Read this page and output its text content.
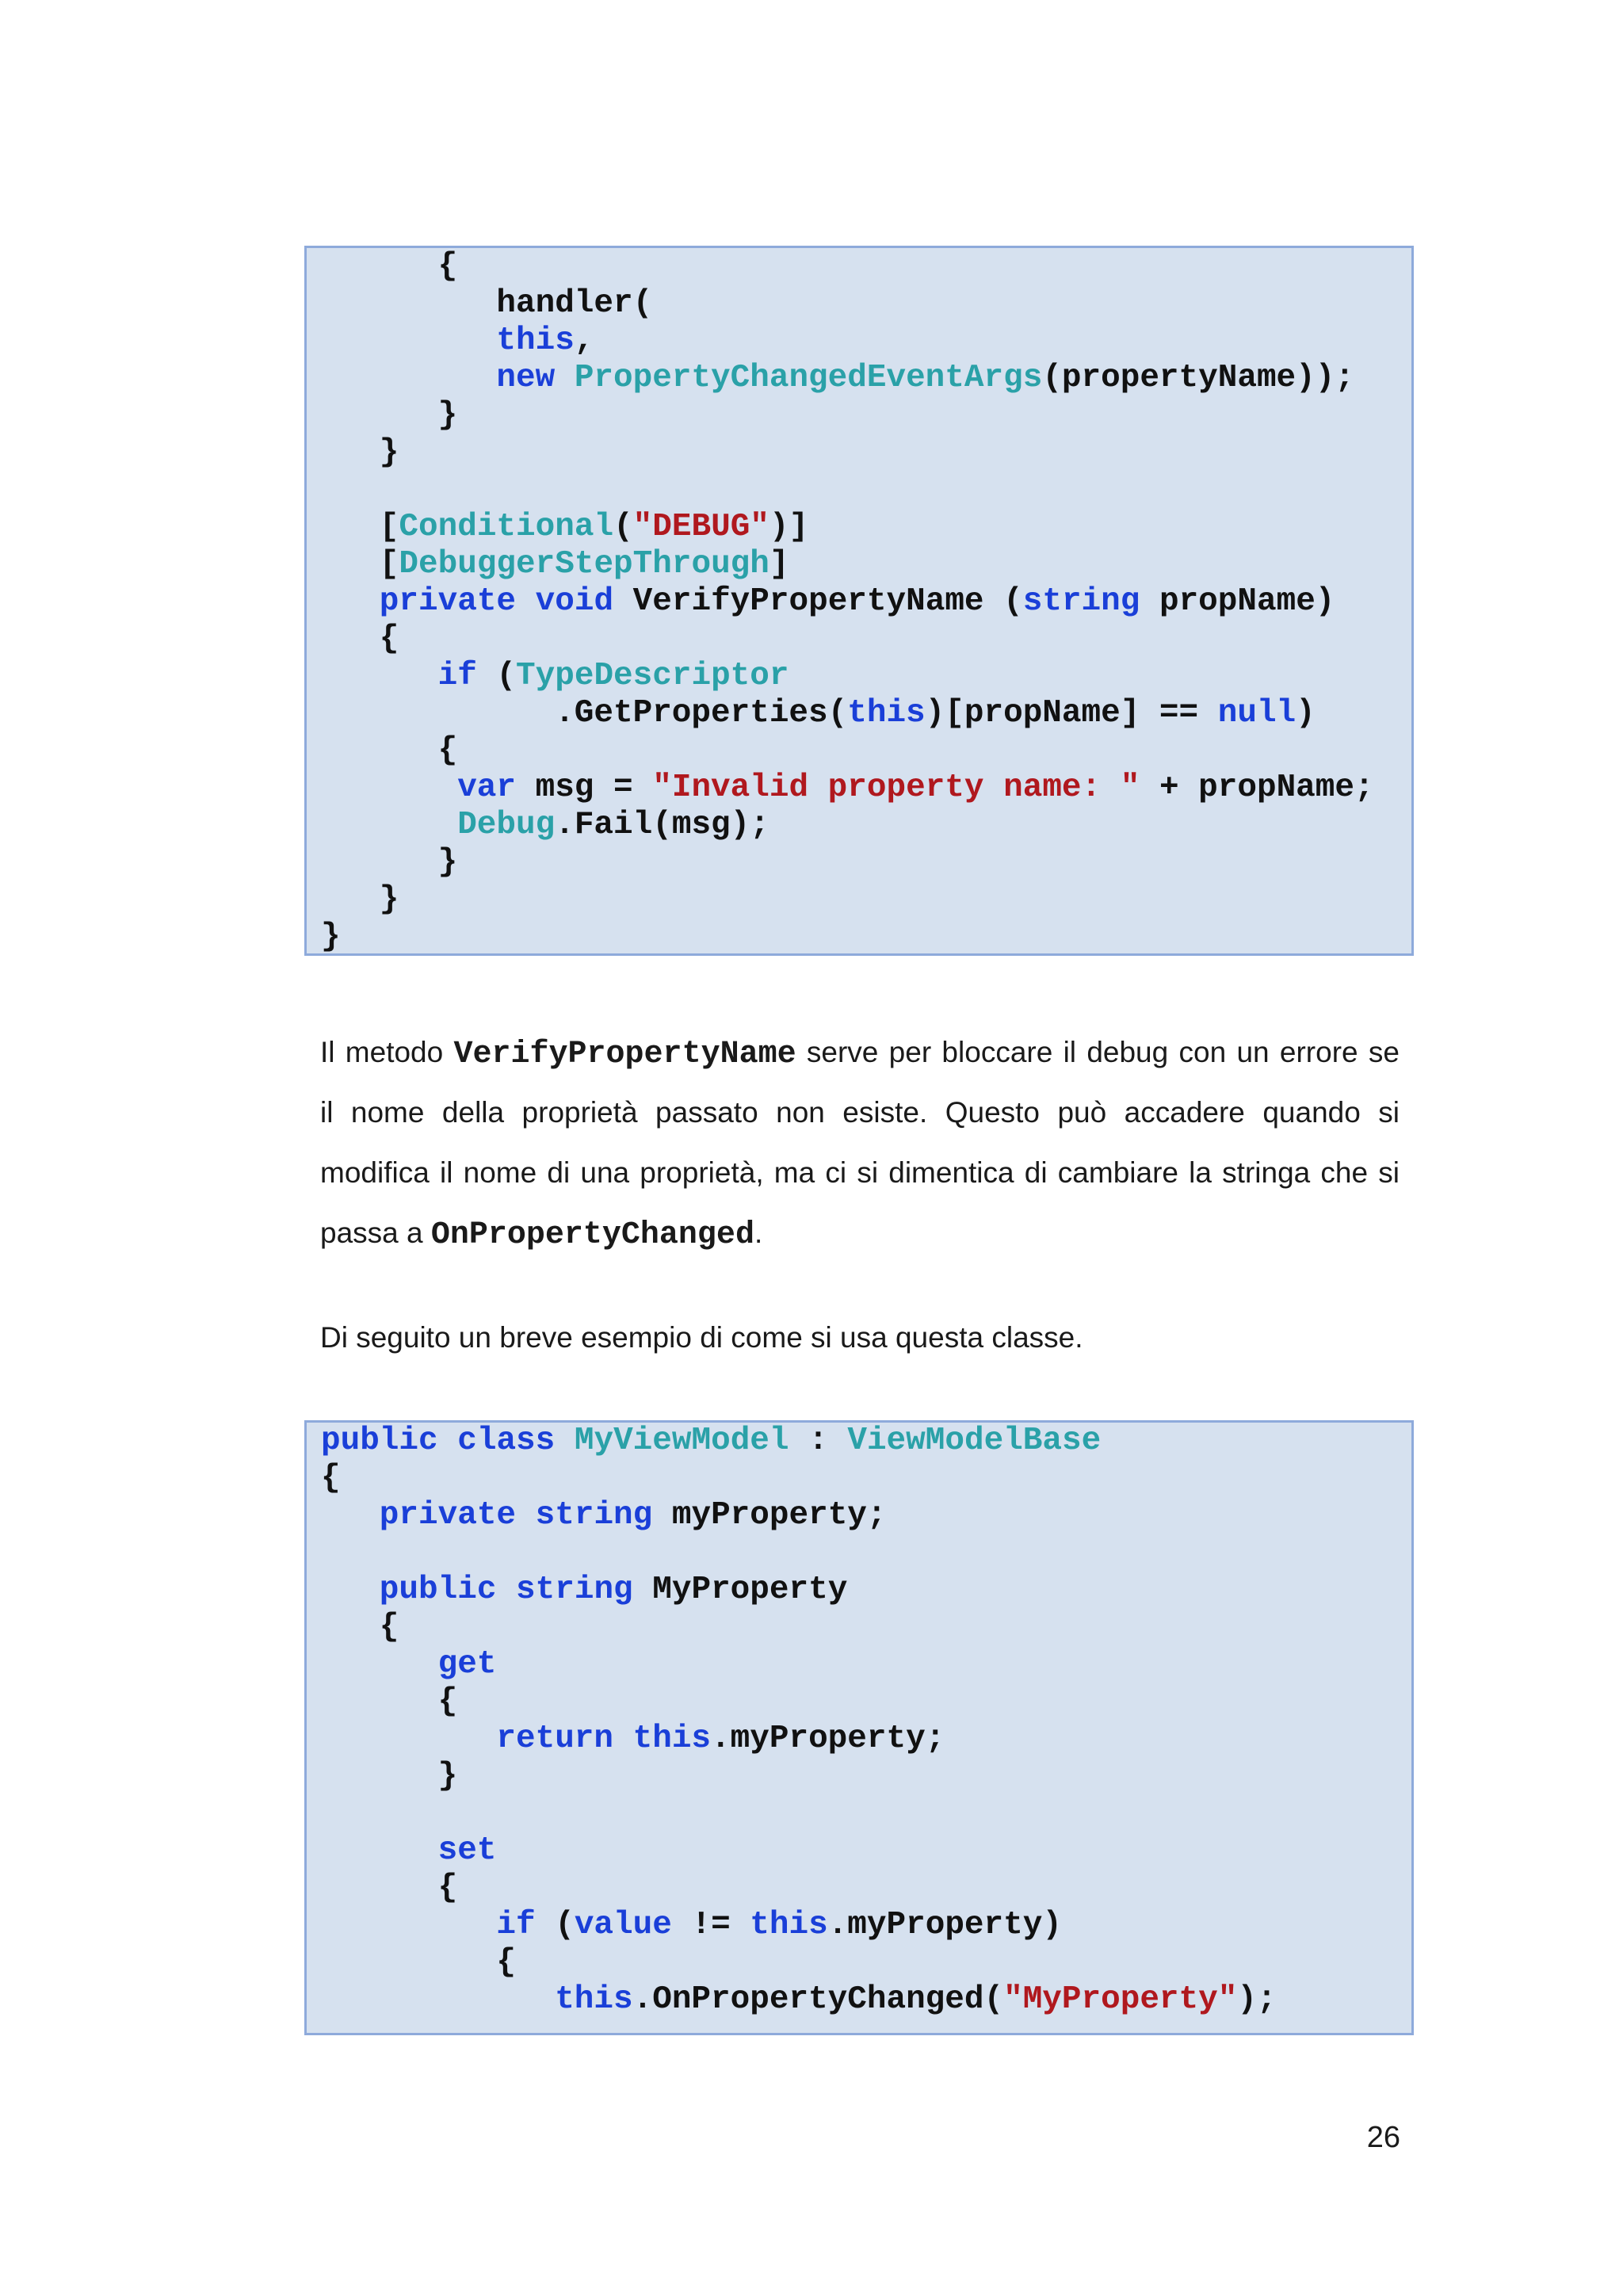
{
handler(
this,
new PropertyChangedEventArgs(propertyName));
}
}
[Conditional("DEBUG")]
[DebuggerStepThrough]
private void VerifyPropertyName (string propName)
{
if (TypeDescriptor
.GetProperties(this)[propName] == null)
{
var msg = "Invalid property name: " + propName;
Debug.Fail(msg);
}
}
}
Il metodo VerifyPropertyName serve per bloccare il debug con un errore se
il nome della proprietà passato non esiste. Questo può accadere quando si
modifica il nome di una proprietà, ma ci si dimentica di cambiare la stringa che si
passa a OnPropertyChanged.
Di seguito un breve esempio di come si usa questa classe.
public class MyViewModel : ViewModelBase
{
private string myProperty;
public string MyProperty
{
get
{
return this.myProperty;
}
set
{
if (value != this.myProperty)
{
this.OnPropertyChanged("MyProperty");
26
